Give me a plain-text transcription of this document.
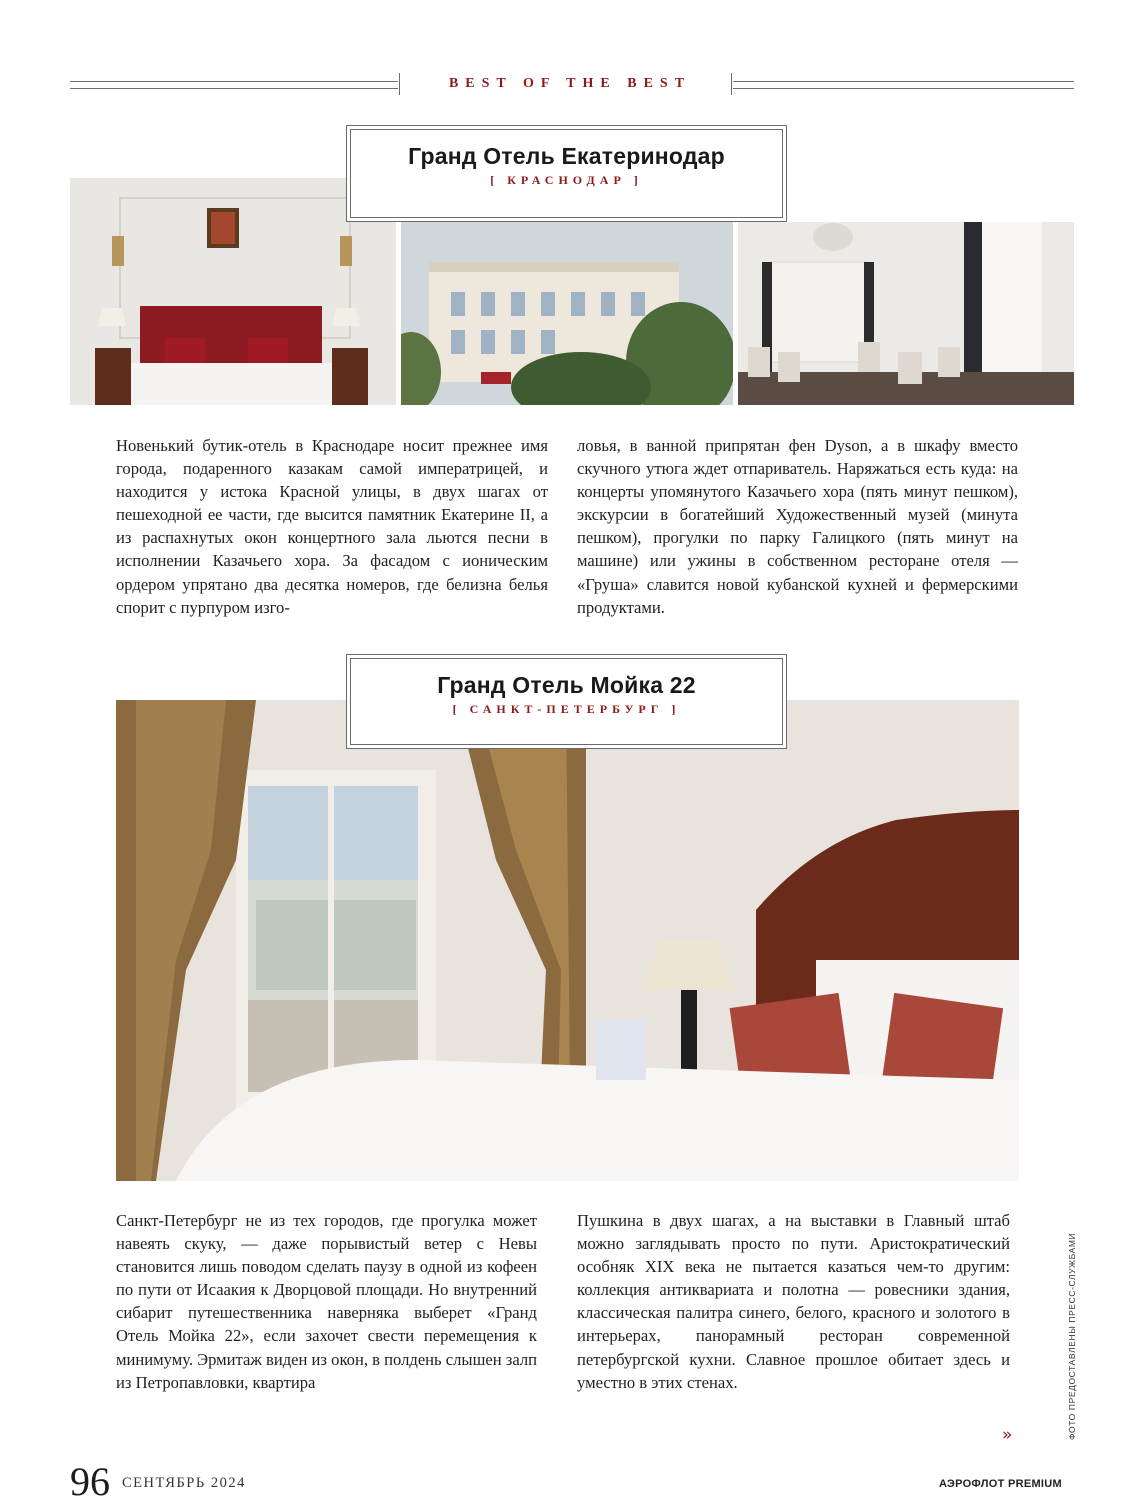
BEST OF THE BEST
Гранд Отель Екатеринодар
[ КРАСНОДАР ]

Новенький бутик-отель в Краснодаре носит прежнее имя города, подаренного казакам самой императрицей, и находится у истока Красной улицы, в двух шагах от пешеходной ее части, где высится памятник Екатерине II, а из распахнутых окон концертного зала льются песни в исполнении Казачьего хора. За фасадом с ионическим ордером упрятано два десятка номеров, где белизна белья спорит с пурпуром изго-

ловья, в ванной припрятан фен Dyson, а в шкафу вместо скучного утюга ждет отпариватель. Наряжаться есть куда: на концерты упомянутого Казачьего хора (пять минут пешком), экскурсии в богатейший Художественный музей (минута пешком), прогулки по парку Галицкого (пять минут на машине) или ужины в собственном ресторане отеля — «Груша» славится новой кубанской кухней и фермерскими продуктами.

Гранд Отель Мойка 22
[ САНКТ-ПЕТЕРБУРГ ]

Санкт-Петербург не из тех городов, где прогулка может навеять скуку, — даже порывистый ветер с Невы становится лишь поводом сделать паузу в одной из кофеен по пути от Исаакия к Дворцовой площади. Но внутренний сибарит путешественника наверняка выберет «Гранд Отель Мойка 22», если захочет свести перемещения к минимуму. Эрмитаж виден из окон, в полдень слышен залп из Петропавловки, квартира

Пушкина в двух шагах, а на выставки в Главный штаб можно заглядывать просто по пути. Аристократический особняк XIX века не пытается казаться чем-то другим: коллекция антиквариата и полотна — ровесники здания, классическая палитра синего, белого, красного и золотого в интерьерах, панорамный ресторан современной петербургской кухни. Славное прошлое обитает здесь и уместно в этих стенах.

»	ФОТО ПРЕДОСТАВЛЕНЫ ПРЕСС-СЛУЖБАМИ
96 СЕНТЯБРЬ 2024	АЭРОФЛОТ PREMIUM
